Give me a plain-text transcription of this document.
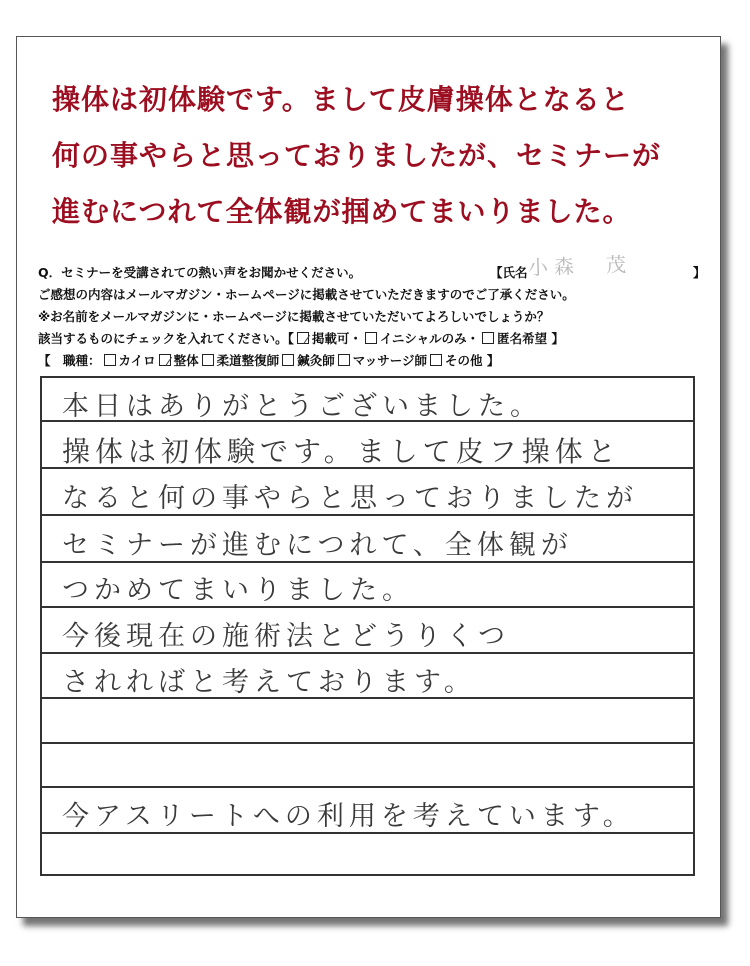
操体は初体験です。まして皮膚操体となると
何の事やらと思っておりましたが、セミナーが
進むにつれて全体観が掴めてまいりました。
Q．セミナーを受講されての熱い声をお聞かせください。	【氏名 小森　茂	】
ご感想の内容はメールマガジン・ホームページに掲載させていただきますのでご了承ください。
※お名前をメールマガジンに・ホームページに掲載させていただいてよろしいでしょうか？
該当するものにチェックを入れてください。【 掲載可・ イニシャルのみ・ 匿名希望 】
【　職種： カイロ 整体 柔道整復師 鍼灸師 マッサージ師 その他 】
本日はありがとうございました。
操体は初体験です。まして皮フ操体と
なると何の事やらと思っておりましたが
セミナーが進むにつれて、全体観が
つかめてまいりました。
今後現在の施術法とどうりくつ
されればと考えております。
今アスリートへの利用を考えています。
